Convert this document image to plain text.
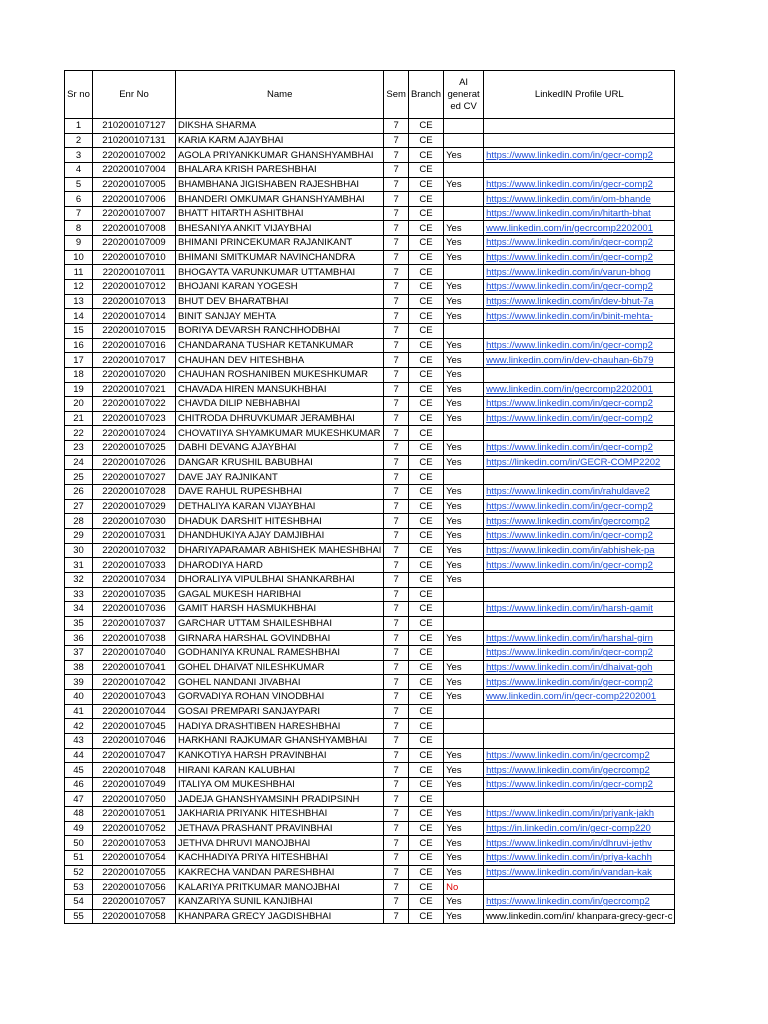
Sr no	Enr No	Name	Sem	Branch	AI generat ed CV	LinkedIN Profile URL
1	210200107127	DIKSHA SHARMA	7	CE		
2	210200107131	KARIA KARM AJAYBHAI	7	CE		
3	220200107002	AGOLA PRIYANKKUMAR GHANSHYAMBHAI	7	CE	Yes	https://www.linkedin.com/in/gecr-comp2
4	220200107004	BHALARA KRISH PARESHBHAI	7	CE		
5	220200107005	BHAMBHANA JIGISHABEN RAJESHBHAI	7	CE	Yes	https://www.linkedin.com/in/gecr-comp2
6	220200107006	BHANDERI OMKUMAR GHANSHYAMBHAI	7	CE		https://www.linkedin.com/in/om-bhande
7	220200107007	BHATT HITARTH ASHITBHAI	7	CE		https://www.linkedin.com/in/hitarth-bhat
8	220200107008	BHESANIYA ANKIT VIJAYBHAI	7	CE	Yes	www.linkedin.com/in/gecrcomp2202001
9	220200107009	BHIMANI PRINCEKUMAR RAJANIKANT	7	CE	Yes	https://www.linkedin.com/in/gecr-comp2
10	220200107010	BHIMANI SMITKUMAR NAVINCHANDRA	7	CE	Yes	https://www.linkedin.com/in/gecr-comp2
11	220200107011	BHOGAYTA VARUNKUMAR UTTAMBHAI	7	CE		https://www.linkedin.com/in/varun-bhog
12	220200107012	BHOJANI KARAN YOGESH	7	CE	Yes	https://www.linkedin.com/in/gecr-comp2
13	220200107013	BHUT DEV BHARATBHAI	7	CE	Yes	https://www.linkedin.com/in/dev-bhut-7a
14	220200107014	BINIT SANJAY MEHTA	7	CE	Yes	https://www.linkedin.com/in/binit-mehta-
15	220200107015	BORIYA DEVARSH RANCHHODBHAI	7	CE		
16	220200107016	CHANDARANA TUSHAR KETANKUMAR	7	CE	Yes	https://www.linkedin.com/in/gecr-comp2
17	220200107017	CHAUHAN DEV HITESHBHA	7	CE	Yes	www.linkedin.com/in/dev-chauhan-6b79
18	220200107020	CHAUHAN ROSHANIBEN MUKESHKUMAR	7	CE	Yes	
19	220200107021	CHAVADA HIREN MANSUKHBHAI	7	CE	Yes	www.linkedin.com/in/gecrcomp2202001
20	220200107022	CHAVDA DILIP NEBHABHAI	7	CE	Yes	https://www.linkedin.com/in/gecr-comp2
21	220200107023	CHITRODA DHRUVKUMAR JERAMBHAI	7	CE	Yes	https://www.linkedin.com/in/gecr-comp2
22	220200107024	CHOVATIIYA SHYAMKUMAR MUKESHKUMAR	7	CE		
23	220200107025	DABHI DEVANG AJAYBHAI	7	CE	Yes	https://www.linkedin.com/in/gecr-comp2
24	220200107026	DANGAR KRUSHIL BABUBHAI	7	CE	Yes	https://linkedin.com/in/GECR-COMP2202
25	220200107027	DAVE JAY RAJNIKANT	7	CE		
26	220200107028	DAVE RAHUL RUPESHBHAI	7	CE	Yes	https://www.linkedin.com/in/rahuldave2
27	220200107029	DETHALIYA KARAN VIJAYBHAI	7	CE	Yes	https://www.linkedin.com/in/gecr-comp2
28	220200107030	DHADUK DARSHIT HITESHBHAI	7	CE	Yes	https://www.linkedin.com/in/gecrcomp2
29	220200107031	DHANDHUKIYA AJAY DAMJIBHAI	7	CE	Yes	https://www.linkedin.com/in/gecr-comp2
30	220200107032	DHARIYAPARAMAR ABHISHEK MAHESHBHAI	7	CE	Yes	https://www.linkedin.com/in/abhishek-pa
31	220200107033	DHARODIYA HARD	7	CE	Yes	https://www.linkedin.com/in/gecr-comp2
32	220200107034	DHORALIYA VIPULBHAI SHANKARBHAI	7	CE	Yes	
33	220200107035	GAGAL MUKESH HARIBHAI	7	CE		
34	220200107036	GAMIT HARSH HASMUKHBHAI	7	CE		https://www.linkedin.com/in/harsh-gamit
35	220200107037	GARCHAR UTTAM SHAILESHBHAI	7	CE		
36	220200107038	GIRNARA HARSHAL GOVINDBHAI	7	CE	Yes	https://www.linkedin.com/in/harshal-girn
37	220200107040	GODHANIYA KRUNAL RAMESHBHAI	7	CE		https://www.linkedin.com/in/gecr-comp2
38	220200107041	GOHEL DHAIVAT NILESHKUMAR	7	CE	Yes	https://www.linkedin.com/in/dhaivat-goh
39	220200107042	GOHEL NANDANI JIVABHAI	7	CE	Yes	https://www.linkedin.com/in/gecr-comp2
40	220200107043	GORVADIYA ROHAN VINODBHAI	7	CE	Yes	www.linkedin.com/in/gecr-comp2202001
41	220200107044	GOSAI PREMPARI SANJAYPARI	7	CE		
42	220200107045	HADIYA DRASHTIBEN HARESHBHAI	7	CE		
43	220200107046	HARKHANI RAJKUMAR GHANSHYAMBHAI	7	CE		
44	220200107047	KANKOTIYA HARSH PRAVINBHAI	7	CE	Yes	https://www.linkedin.com/in/gecrcomp2
45	220200107048	HIRANI KARAN KALUBHAI	7	CE	Yes	https://www.linkedin.com/in/gecrcomp2
46	220200107049	ITALIYA OM MUKESHBHAI	7	CE	Yes	https://www.linkedin.com/in/gecr-comp2
47	220200107050	JADEJA GHANSHYAMSINH PRADIPSINH	7	CE		
48	220200107051	JAKHARIA PRIYANK HITESHBHAI	7	CE	Yes	https://www.linkedin.com/in/priyank-jakh
49	220200107052	JETHAVA PRASHANT PRAVINBHAI	7	CE	Yes	https://in.linkedin.com/in/gecr-comp220
50	220200107053	JETHVA DHRUVI MANOJBHAI	7	CE	Yes	https://www.linkedin.com/in/dhruvi-jethv
51	220200107054	KACHHADIYA PRIYA HITESHBHAI	7	CE	Yes	https://www.linkedin.com/in/priya-kachh
52	220200107055	KAKRECHA VANDAN PARESHBHAI	7	CE	Yes	https://www.linkedin.com/in/vandan-kak
53	220200107056	KALARIYA PRITKUMAR MANOJBHAI	7	CE	No	
54	220200107057	KANZARIYA SUNIL KANJIBHAI	7	CE	Yes	https://www.linkedin.com/in/gecrcomp2
55	220200107058	KHANPARA GRECY JAGDISHBHAI	7	CE	Yes	www.linkedin.com/in/ khanpara-grecy-gecr-c
